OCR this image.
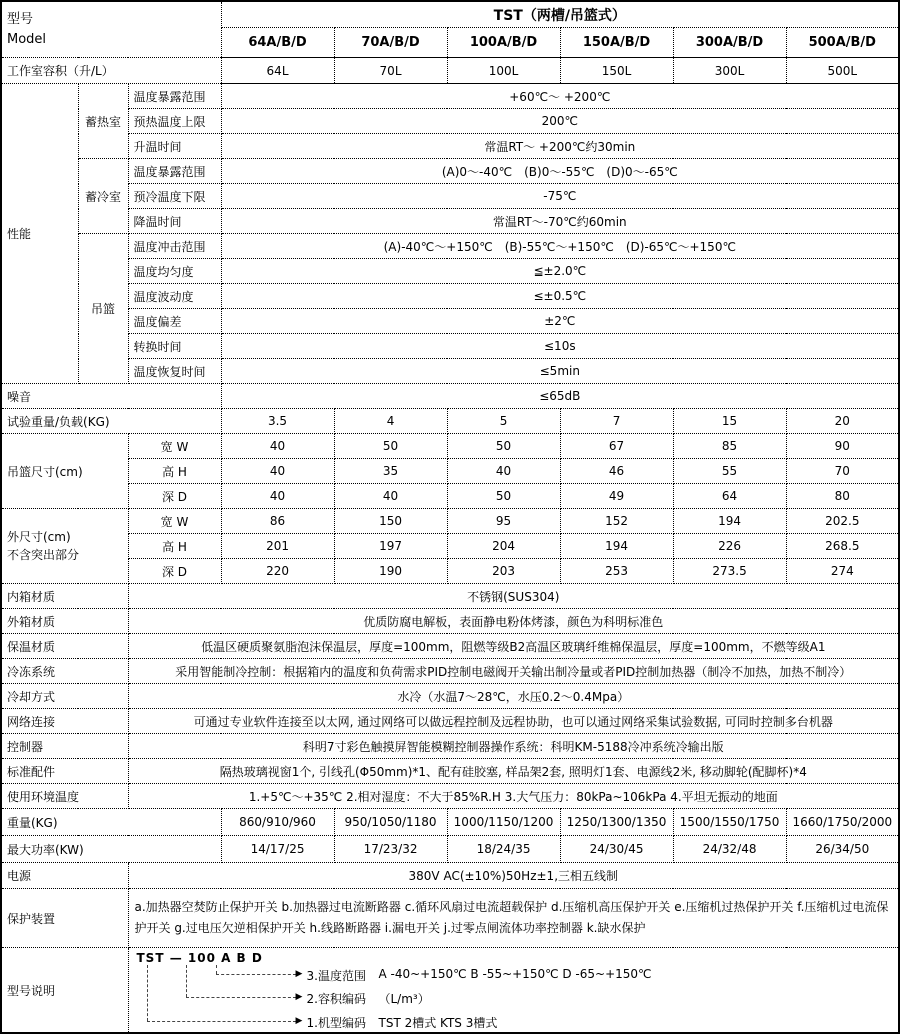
型号
Model			TST（两槽/吊篮式）					
			64A/B/D	70A/B/D	100A/B/D	150A/B/D	300A/B/D	500A/B/D
工作室容积（升/L）			64L	70L	100L	150L	300L	500L
性能	蓄热室	温度暴露范围	+60℃～ +200℃					
		预热温度上限	200℃					
		升温时间	常温RT～ +200℃约30min					
	蓄冷室	温度暴露范围	(A)0～-40℃　(B)0～-55℃　(D)0～-65℃					
		预冷温度下限	-75℃					
		降温时间	常温RT～-70℃约60min					
	吊篮	温度冲击范围	(A)-40℃～+150℃　(B)-55℃～+150℃　(D)-65℃～+150℃					
		温度均匀度	≦±2.0℃					
		温度波动度	≤±0.5℃					
		温度偏差	±2℃					
		转换时间	≤10s					
		温度恢复时间	≤5min					
噪音			≤65dB					
试验重量/负载(KG)			3.5	4	5	7	15	20
吊篮尺寸(cm)		宽 W	40	50	50	67	85	90
		高 H	40	35	40	46	55	70
		深 D	40	40	50	49	64	80

外尺寸(cm)
不含突出部分		宽 W	86	150	95	152	194	202.5
		高 H	201	197	204	194	226	268.5
		深 D	220	190	203	253	273.5	274
内箱材质		不锈钢(SUS304)						
外箱材质		优质防腐电解板，表面静电粉体烤漆，颜色为科明标准色						
保温材质		低温区硬质聚氨脂泡沫保温层，厚度=100mm，阻燃等级B2高温区玻璃纤维棉保温层，厚度=100mm，不燃等级A1						
冷冻系统		采用智能制冷控制：根据箱内的温度和负荷需求PID控制电磁阀开关输出制冷量或者PID控制加热器（制冷不加热，加热不制冷）						
冷却方式		水冷（水温7～28℃，水压0.2～0.4Mpa）						
网络连接		可通过专业软件连接至以太网, 通过网络可以做远程控制及远程协助，也可以通过网络采集试验数据, 可同时控制多台机器						
控制器		科明7寸彩色触摸屏智能模糊控制器操作系统：科明KM-5188冷冲系统冷输出版						
标准配件		隔热玻璃视窗1个, 引线孔(Φ50mm)*1、配有硅胶塞, 样品架2套, 照明灯1套、电源线2米, 移动脚轮(配脚杯)*4						
使用环境温度		1.+5℃～+35℃ 2.相对湿度：不大于85%R.H 3.大气压力：80kPa~106kPa 4.平坦无振动的地面						
重量(KG)			860/910/960	950/1050/1180	1000/1150/1200	1250/1300/1350	1500/1550/1750	1660/1750/2000
最大功率(KW)			14/17/25	17/23/32	18/24/35	24/30/45	24/32/48	26/34/50
电源		380V AC(±10%)50Hz±1,三相五线制						
保护装置		a.加热器空焚防止保护开关 b.加热器过电流断路器 c.循环风扇过电流超载保护 d.压缩机高压保护开关 e.压缩机过热保护开关 f.压缩机过电流保护开关 g.过电压欠逆相保护开关 h.线路断路器 i.漏电开关 j.过零点闸流体功率控制器 k.缺水保护						
型号说明	
TST — 100 A B D
▶
▶
▶
3.温度范围 A -40~+150℃ B -55~+150℃ D -65~+150℃
2.容积编码 （L/m³）
1.机型编码 TST 2槽式 KTS 3槽式
